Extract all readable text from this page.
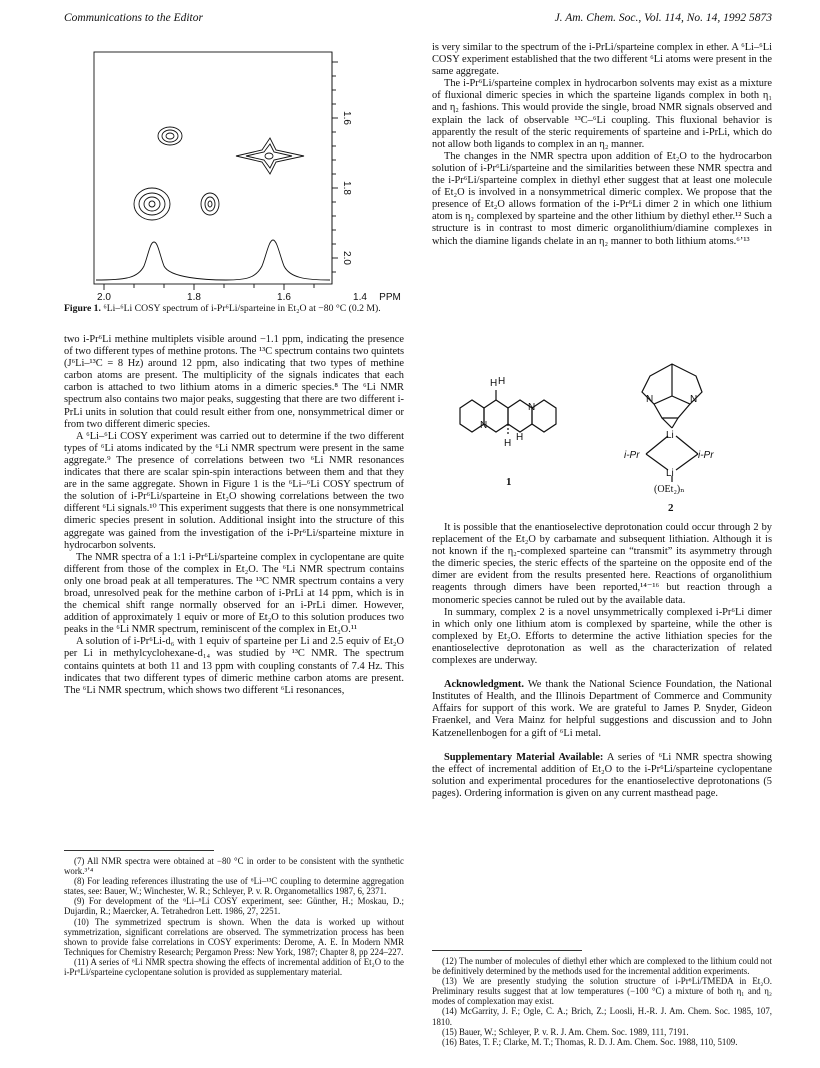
Communications to the Editor	J. Am. Chem. Soc., Vol. 114, No. 14, 1992 5873
1.6
1.8
2.0
2.0	1.8	1.6	1.4 PPM
Figure 1. ⁶Li–⁶Li COSY spectrum of i-Pr⁶Li/sparteine in Et₂O at −80 °C (0.2 M).

two i-Pr⁶Li methine multiplets visible around −1.1 ppm, indicating the presence of two different types of methine protons. The ¹³C spectrum contains two quintets (J⁶Li–¹³C = 8 Hz) around 12 ppm, also indicating that two types of methine carbon atoms are present. The multiplicity of the signals indicates that each carbon is attached to two lithium atoms in a dimeric species.⁸ The ⁶Li NMR spectrum also contains two major peaks, suggesting that there are two different i-PrLi units in solution that could result either from one, nonsymmetrical dimer or from two different dimeric species.

A ⁶Li–⁶Li COSY experiment was carried out to determine if the two different types of ⁶Li atoms indicated by the ⁶Li NMR spectrum were present in the same aggregate.⁹ The presence of correlations between two ⁶Li NMR resonances indicates that there are scalar spin-spin interactions between them and that they are in the same aggregate. Shown in Figure 1 is the ⁶Li–⁶Li COSY spectrum of the solution of i-Pr⁶Li/sparteine in Et₂O showing correlations between the two different ⁶Li signals.¹⁰ This experiment suggests that there is one nonsymmetrical dimeric species present in solution. Additional insight into the structure of this aggregate was gained from the investigation of the i-Pr⁶Li/sparteine mixture in hydrocarbon solvents.

The NMR spectra of a 1:1 i-Pr⁶Li/sparteine complex in cyclopentane are quite different from those of the complex in Et₂O. The ⁶Li NMR spectrum contains only one broad peak at all temperatures. The ¹³C NMR spectrum contains a very broad, unresolved peak for the methine carbon of i-PrLi at 14 ppm, which is in the chemical shift range normally observed for an i-PrLi dimer. However, addition of approximately 1 equiv or more of Et₂O to this solution produces two peaks in the ⁶Li NMR spectrum, reminiscent of the complex in Et₂O.¹¹

A solution of i-Pr⁶Li-d₆ with 1 equiv of sparteine per Li and 2.5 equiv of Et₂O per Li in methylcyclohexane-d₁₄ was studied by ¹³C NMR. The spectrum contains quintets at both 11 and 13 ppm with coupling constants of 7.4 Hz. This indicates that two different types of dimeric methine carbon atoms are present. The ⁶Li NMR spectrum, which shows two different ⁶Li resonances,

(7) All NMR spectra were obtained at −80 °C in order to be consistent with the synthetic work.³ʼ⁴

(8) For leading references illustrating the use of ⁶Li–¹³C coupling to determine aggregation states, see: Bauer, W.; Winchester, W. R.; Schleyer, P. v. R. Organometallics 1987, 6, 2371.

(9) For development of the ⁶Li–⁶Li COSY experiment, see: Günther, H.; Moskau, D.; Dujardin, R.; Maercker, A. Tetrahedron Lett. 1986, 27, 2251.

(10) The symmetrized spectrum is shown. When the data is worked up without symmetrization, significant correlations are observed. The symmetrization process has been shown to provide false correlations in COSY experiments: Derome, A. E. In Modern NMR Techniques for Chemistry Research; Pergamon Press: New York, 1987; Chapter 8, pp 224–227.

(11) A series of ⁶Li NMR spectra showing the effects of incremental addition of Et₂O to the i-Pr⁶Li/sparteine cyclopentane solution is provided as supplementary material.

is very similar to the spectrum of the i-PrLi/sparteine complex in ether. A ⁶Li–⁶Li COSY experiment established that the two different ⁶Li atoms were present in the same aggregate.

The i-Pr⁶Li/sparteine complex in hydrocarbon solvents may exist as a mixture of fluxional dimeric species in which the sparteine ligands complex in both η₁ and η₂ fashions. This would provide the single, broad NMR signals observed and explain the lack of observable ¹³C–⁶Li coupling. This fluxional behavior is apparently the result of the steric requirements of sparteine and i-PrLi, which do not allow both ligands to complex in an η₂ manner.

The changes in the NMR spectra upon addition of Et₂O to the hydrocarbon solution of i-Pr⁶Li/sparteine and the similarities between these NMR spectra and the i-Pr⁶Li/sparteine complex in diethyl ether suggest that at least one molecule of Et₂O is involved in a nonsymmetrical dimeric complex. We propose that the presence of Et₂O allows formation of the i-Pr⁶Li dimer 2 in which one lithium atom is η₂ complexed by sparteine and the other lithium by diethyl ether.¹² Such a structure is in contrast to most dimeric organolithium/diamine complexes in which the diamine ligands chelate in an η₂ manner to both lithium atoms.⁶ʼ¹³

H H
N
N
H
H
N	N
Li
i-Pr	i-Pr
Li
(OEt₂)ₙ
1
2

It is possible that the enantioselective deprotonation could occur through 2 by replacement of the Et₂O by carbamate and subsequent lithiation. Although it is not known if the η₂-complexed sparteine can “transmit” its asymmetry through the dimeric species, the steric effects of the sparteine on the opposite end of the dimer are evident from the results presented here. Reactions of organolithium reagents through dimers have been reported,¹⁴⁻¹⁶ but reaction through a monomeric species cannot be ruled out by the available data.

In summary, complex 2 is a novel unsymmetrically complexed i-Pr⁶Li dimer in which only one lithium atom is complexed by sparteine, while the other is complexed by Et₂O. Efforts to determine the active lithiation species for the enantioselective deprotonation as well as the characterization of related complexes are underway.

Acknowledgment. We thank the National Science Foundation, the National Institutes of Health, and the Illinois Department of Commerce and Community Affairs for support of this work. We are grateful to James P. Snyder, Gideon Fraenkel, and Vera Mainz for helpful suggestions and discussion and to John Katzenellenbogen for a gift of ⁶Li metal.

Supplementary Material Available: A series of ⁶Li NMR spectra showing the effect of incremental addition of Et₂O to the i-Pr⁶Li/sparteine cyclopentane solution and experimental procedures for the enantioselective deprotonations (5 pages). Ordering information is given on any current masthead page.

(12) The number of molecules of diethyl ether which are complexed to the lithium could not be definitively determined by the methods used for the incremental addition experiments.

(13) We are presently studying the solution structure of i-Pr⁶Li/TMEDA in Et₂O. Preliminary results suggest that at low temperatures (−100 °C) a mixture of both η₁ and η₂ modes of complexation may exist.

(14) McGarrity, J. F.; Ogle, C. A.; Brich, Z.; Loosli, H.-R. J. Am. Chem. Soc. 1985, 107, 1810.

(15) Bauer, W.; Schleyer, P. v. R. J. Am. Chem. Soc. 1989, 111, 7191.

(16) Bates, T. F.; Clarke, M. T.; Thomas, R. D. J. Am. Chem. Soc. 1988, 110, 5109.
